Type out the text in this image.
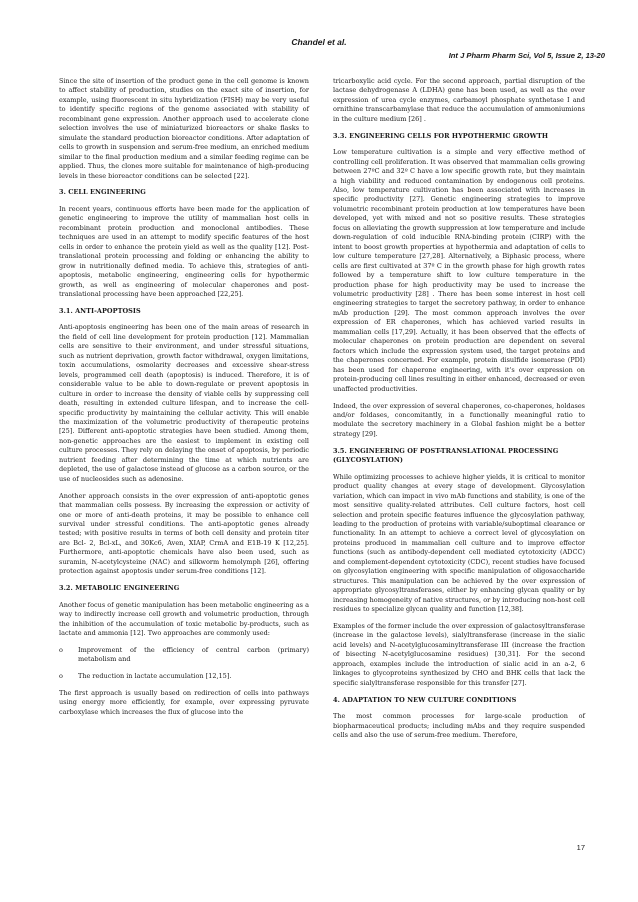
Chandel et al.
Int J Pharm Pharm Sci, Vol 5, Issue 2, 13-20

Since the site of insertion of the product gene in the cell genome is known to affect stability of production, studies on the exact site of insertion, for example, using fluorescent in situ hybridization (FISH) may be very useful to identify specific regions of the genome associated with stability of recombinant gene expression. Another approach used to accelerate clone selection involves the use of miniaturized bioreactors or shake flasks to simulate the standard production bioreactor conditions. After adaptation of cells to growth in suspension and serum-free medium, an enriched medium similar to the final production medium and a similar feeding regime can be applied. Thus, the clones more suitable for maintenance of high-producing levels in these bioreactor conditions can be selected [22].

3. CELL ENGINEERING

In recent years, continuous efforts have been made for the application of genetic engineering to improve the utility of mammalian host cells in recombinant protein production and monoclonal antibodies. These techniques are used in an attempt to modify specific features of the host cells in order to enhance the protein yield as well as the quality [12]. Post-translational protein processing and folding or enhancing the ability to grow in nutritionally defined media. To achieve this, strategies of anti-apoptosis, metabolic engineering, engineering cells for hypothermic growth, as well as engineering of molecular chaperones and post-translational processing have been approached [22,25].

3.1. ANTI-APOPTOSIS

Anti-apoptosis engineering has been one of the main areas of research in the field of cell line development for protein production [12]. Mammalian cells are sensitive to their environment, and under stressful situations, such as nutrient deprivation, growth factor withdrawal, oxygen limitations, toxin accumulations, osmolarity decreases and excessive shear-stress levels, programmed cell death (apoptosis) is induced. Therefore, it is of considerable value to be able to down-regulate or prevent apoptosis in culture in order to increase the density of viable cells by suppressing cell death, resulting in extended culture lifespan, and to increase the cell-specific productivity by maintaining the cellular activity. This will enable the maximization of the volumetric productivity of therapeutic proteins [25]. Different anti-apoptotic strategies have been studied. Among them, non-genetic approaches are the easiest to implement in existing cell culture processes. They rely on delaying the onset of apoptosis, by periodic nutrient feeding after determining the time at which nutrients are depleted, the use of galactose instead of glucose as a carbon source, or the use of nucleosides such as adenosine.

Another approach consists in the over expression of anti-apoptotic genes that mammalian cells possess. By increasing the expression or activity of one or more of anti-death proteins, it may be possible to enhance cell survival under stressful conditions. The anti-apoptotic genes already tested; with positive results in terms of both cell density and protein titer are Bcl- 2, Bcl-xL, and 30Kc6, Aven, XIAP, CrmA and E1B-19 K [12,25]. Furthermore, anti-apoptotic chemicals have also been used, such as suramin, N-acetylcysteine (NAC) and silkworm hemolymph [26], offering protection against apoptosis under serum-free conditions [12].

3.2. METABOLIC ENGINEERING

Another focus of genetic manipulation has been metabolic engineering as a way to indirectly increase cell growth and volumetric production, through the inhibition of the accumulation of toxic metabolic by-products, such as lactate and ammonia [12]. Two approaches are commonly used:

o Improvement of the efficiency of central carbon (primary) metabolism and
o The reduction in lactate accumulation [12,15].

The first approach is usually based on redirection of cells into pathways using energy more efficiently, for example, over expressing pyruvate carboxylase which increases the flux of glucose into the

tricarboxylic acid cycle. For the second approach, partial disruption of the lactase dehydrogenase A (LDHA) gene has been used, as well as the over expression of urea cycle enzymes, carbamoyl phosphate synthetase I and ornithine transcarbamylase that reduce the accumulation of ammoniumions in the culture medium [26] .

3.3. ENGINEERING CELLS FOR HYPOTHERMIC GROWTH

Low temperature cultivation is a simple and very effective method of controlling cell proliferation. It was observed that mammalian cells growing between 27ºC and 32º C have a low specific growth rate, but they maintain a high viability and reduced contamination by endogenous cell proteins. Also, low temperature cultivation has been associated with increases in specific productivity [27]. Genetic engineering strategies to improve volumetric recombinant protein production at low temperatures have been developed, yet with mixed and not so positive results. These strategies focus on alleviating the growth suppression at low temperature and include down-regulation of cold inducible RNA-binding protein (CIRP) with the intent to boost growth properties at hypothermia and adaptation of cells to low culture temperature [27,28]. Alternatively, a Biphasic process, where cells are first cultivated at 37º C in the growth phase for high growth rates followed by a temperature shift to low culture temperature in the production phase for high productivity may be used to increase the volumetric productivity [28] . There has been some interest in host cell engineering strategies to target the secretory pathway, in order to enhance mAb production [29]. The most common approach involves the over expression of ER chaperones, which has achieved varied results in mammalian cells [17,29]. Actually, it has been observed that the effects of molecular chaperones on protein production are dependent on several factors which include the expression system used, the target proteins and the chaperones concerned. For example, protein disulfide isomerase (PDI) has been used for chaperone engineering, with it's over expression on protein-producing cell lines resulting in either enhanced, decreased or even unaffected productivities.

Indeed, the over expression of several chaperones, co-chaperones, holdases and/or foldases, concomitantly, in a functionally meaningful ratio to modulate the secretory machinery in a Global fashion might be a better strategy [29].

3.5. ENGINEERING OF POST-TRANSLATIONAL PROCESSING (GLYCOSYLATION)

While optimizing processes to achieve higher yields, it is critical to monitor product quality changes at every stage of development. Glycosylation variation, which can impact in vivo mAb functions and stability, is one of the most sensitive quality-related attributes. Cell culture factors, host cell selection and protein specific features influence the glycosylation pathway, leading to the production of proteins with variable/suboptimal clearance or functionality. In an attempt to achieve a correct level of glycosylation on proteins produced in mammalian cell culture and to improve effector functions (such as antibody-dependent cell mediated cytotoxicity (ADCC) and complement-dependent cytotoxicity (CDC), recent studies have focused on glycosylation engineering with specific manipulation of oligosaccharide structures. This manipulation can be achieved by the over expression of appropriate glycosyltransferases, either by enhancing glycan quality or by increasing homogeneity of native structures, or by introducing non-host cell residues to specialize glycan quality and function [12,38].

Examples of the former include the over expression of galactosyltransferase (increase in the galactose levels), sialyltransferase (increase in the sialic acid levels) and N-acetylglucosaminyltransferase III (increase the fraction of bisecting N-acetylglucosamine residues) [30,31]. For the second approach, examples include the introduction of sialic acid in an a-2, 6 linkages to glycoproteins synthesized by CHO and BHK cells that lack the specific sialyltransferase responsible for this transfer [27].

4. ADAPTATION TO NEW CULTURE CONDITIONS

The most common processes for large-scale production of biopharmaceutical products; including mAbs and they require suspended cells and also the use of serum-free medium. Therefore,

17
